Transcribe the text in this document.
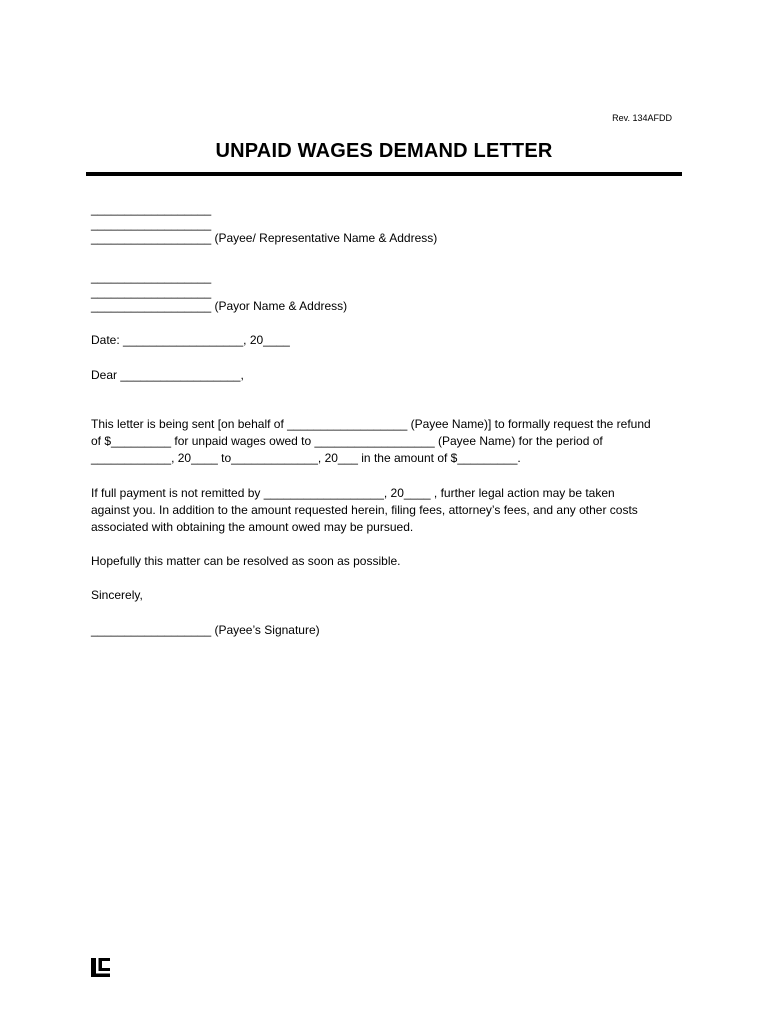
Rev. 134AFDD
UNPAID WAGES DEMAND LETTER
__________________
__________________
__________________ (Payee/ Representative Name & Address)
__________________
__________________
__________________ (Payor Name & Address)
Date: __________________, 20____
Dear __________________,

This letter is being sent [on behalf of __________________ (Payee Name)] to formally request the refund
of $_________ for unpaid wages owed to __________________ (Payee Name) for the period of
____________, 20____ to_____________, 20___ in the amount of $_________.

If full payment is not remitted by __________________, 20____ , further legal action may be taken
against you. In addition to the amount requested herein, filing fees, attorney’s fees, and any other costs
associated with obtaining the amount owed may be pursued.

Hopefully this matter can be resolved as soon as possible.
Sincerely,
__________________ (Payee’s Signature)
